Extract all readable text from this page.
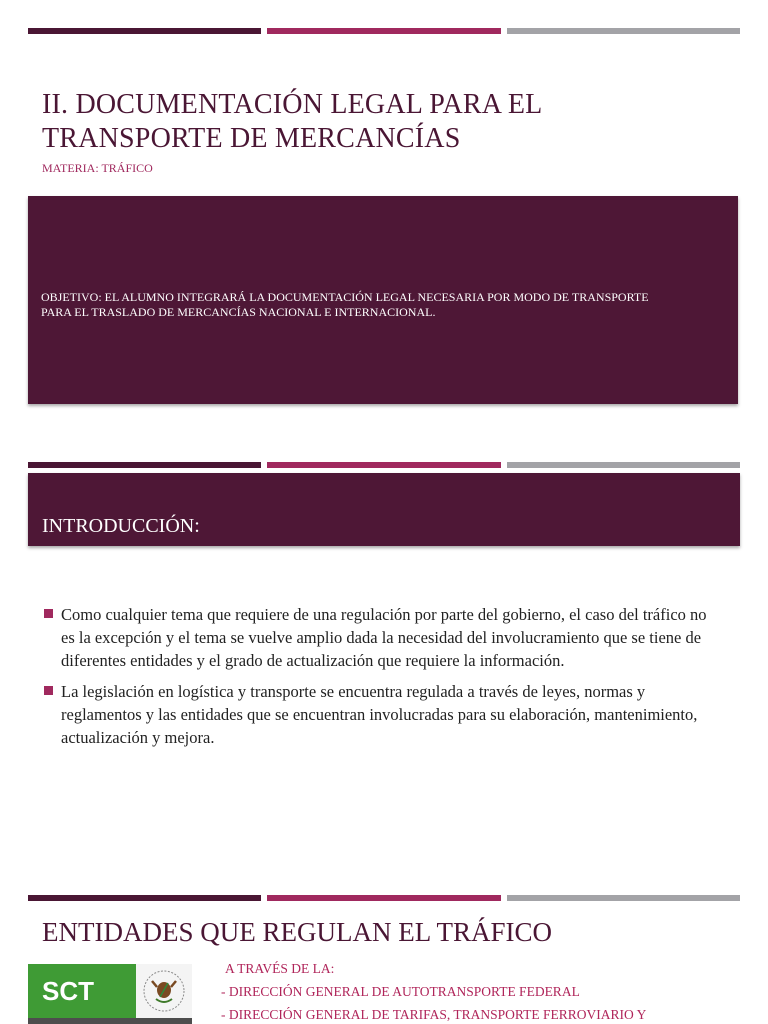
II. DOCUMENTACIÓN LEGAL PARA EL
TRANSPORTE DE MERCANCÍAS
MATERIA: TRÁFICO
OBJETIVO: EL ALUMNO INTEGRARÁ LA DOCUMENTACIÓN LEGAL NECESARIA POR MODO DE TRANSPORTE
PARA EL TRASLADO DE MERCANCÍAS NACIONAL E INTERNACIONAL.
INTRODUCCIÓN:
Como cualquier tema que requiere de una regulación por parte del gobierno, el caso del tráfico no es la excepción y el tema se vuelve amplio dada la necesidad del involucramiento que se tiene de diferentes entidades y el grado de actualización que requiere la información.
La legislación en logística y transporte se encuentra regulada a través de leyes, normas y reglamentos y las entidades que se encuentran involucradas para su elaboración, mantenimiento, actualización y mejora.
ENTIDADES QUE REGULAN EL TRÁFICO
SCT
A TRAVÉS DE LA:
- DIRECCIÓN GENERAL DE AUTOTRANSPORTE FEDERAL
- DIRECCIÓN GENERAL DE TARIFAS, TRANSPORTE FERROVIARIO Y
